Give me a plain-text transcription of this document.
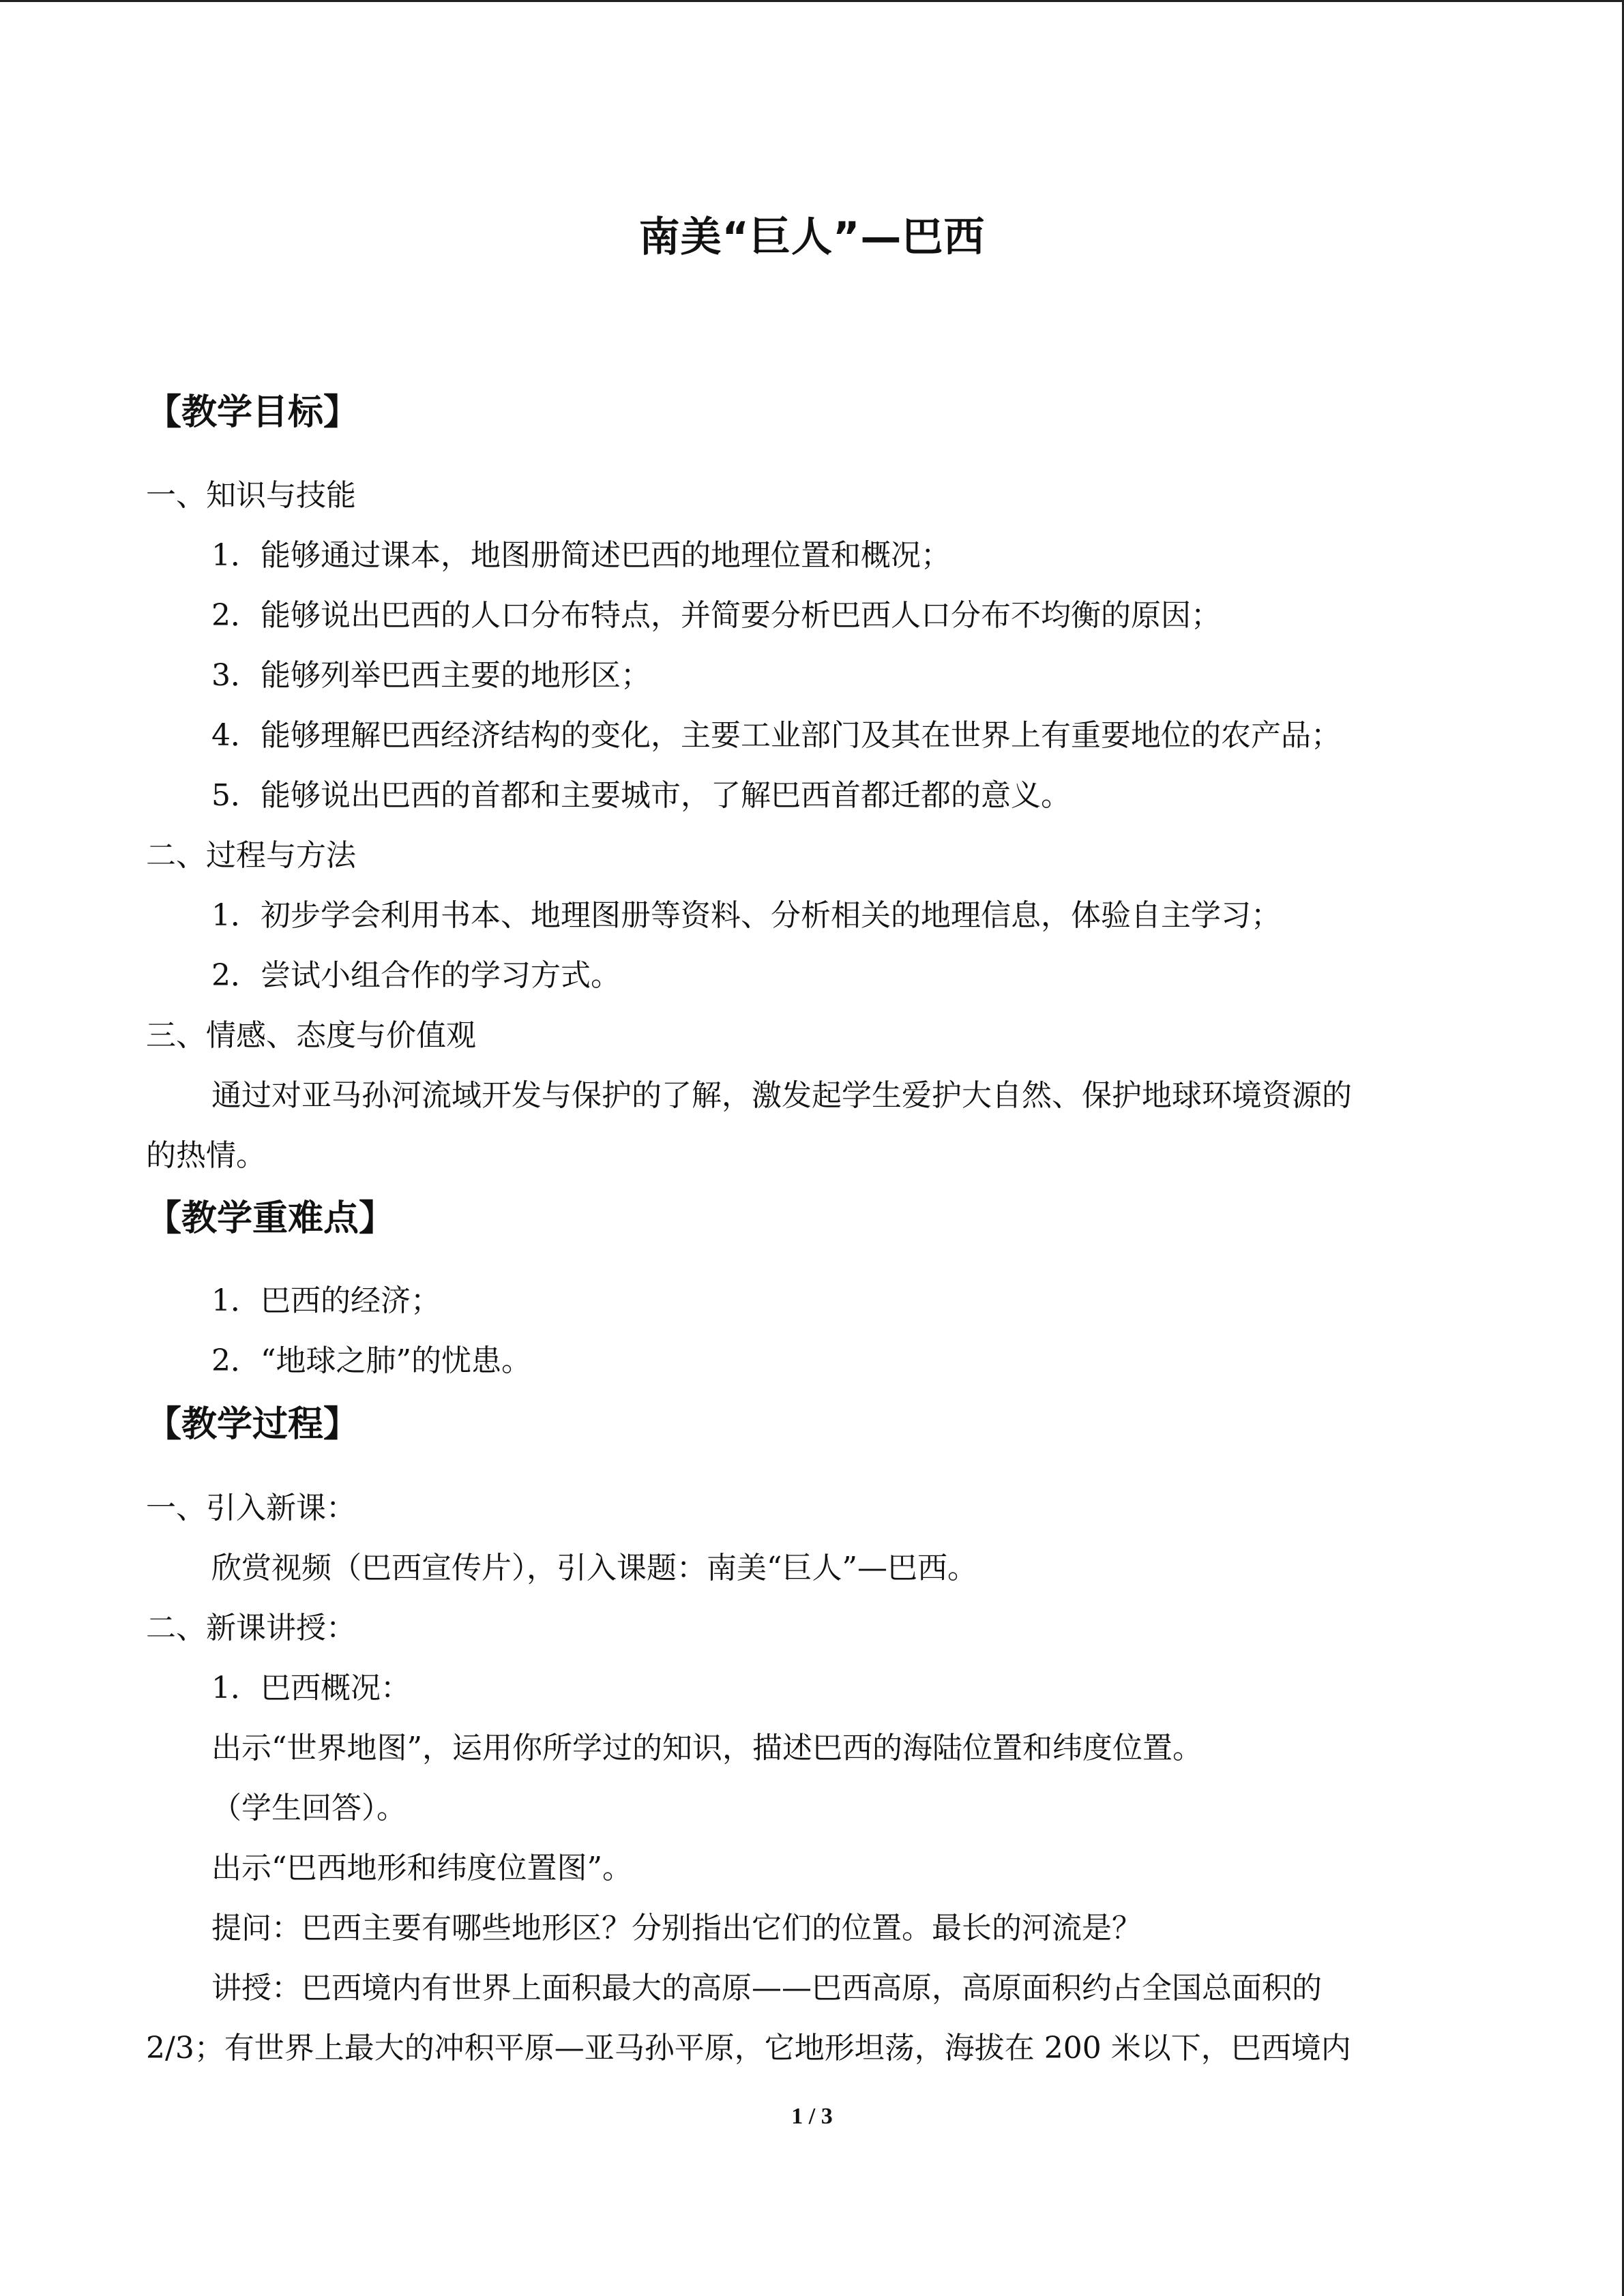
南美“巨人”—巴西
【教学目标】
一、知识与技能
1．能够通过课本，地图册简述巴西的地理位置和概况；
2．能够说出巴西的人口分布特点，并简要分析巴西人口分布不均衡的原因；
3．能够列举巴西主要的地形区；
4．能够理解巴西经济结构的变化，主要工业部门及其在世界上有重要地位的农产品；
5．能够说出巴西的首都和主要城市，了解巴西首都迁都的意义。
二、过程与方法
1．初步学会利用书本、地理图册等资料、分析相关的地理信息，体验自主学习；
2．尝试小组合作的学习方式。
三、情感、态度与价值观
通过对亚马孙河流域开发与保护的了解，激发起学生爱护大自然、保护地球环境资源的
的热情。
【教学重难点】
1．巴西的经济；
2．“地球之肺”的忧患。
【教学过程】
一、引入新课：
欣赏视频（巴西宣传片），引入课题：南美“巨人”—巴西。
二、新课讲授：
1．巴西概况：
出示“世界地图”，运用你所学过的知识，描述巴西的海陆位置和纬度位置。
（学生回答）。
出示“巴西地形和纬度位置图”。
提问：巴西主要有哪些地形区？分别指出它们的位置。最长的河流是？
讲授：巴西境内有世界上面积最大的高原——巴西高原，高原面积约占全国总面积的
2/3；有世界上最大的冲积平原—亚马孙平原，它地形坦荡，海拔在 200 米以下，巴西境内
1 / 3
